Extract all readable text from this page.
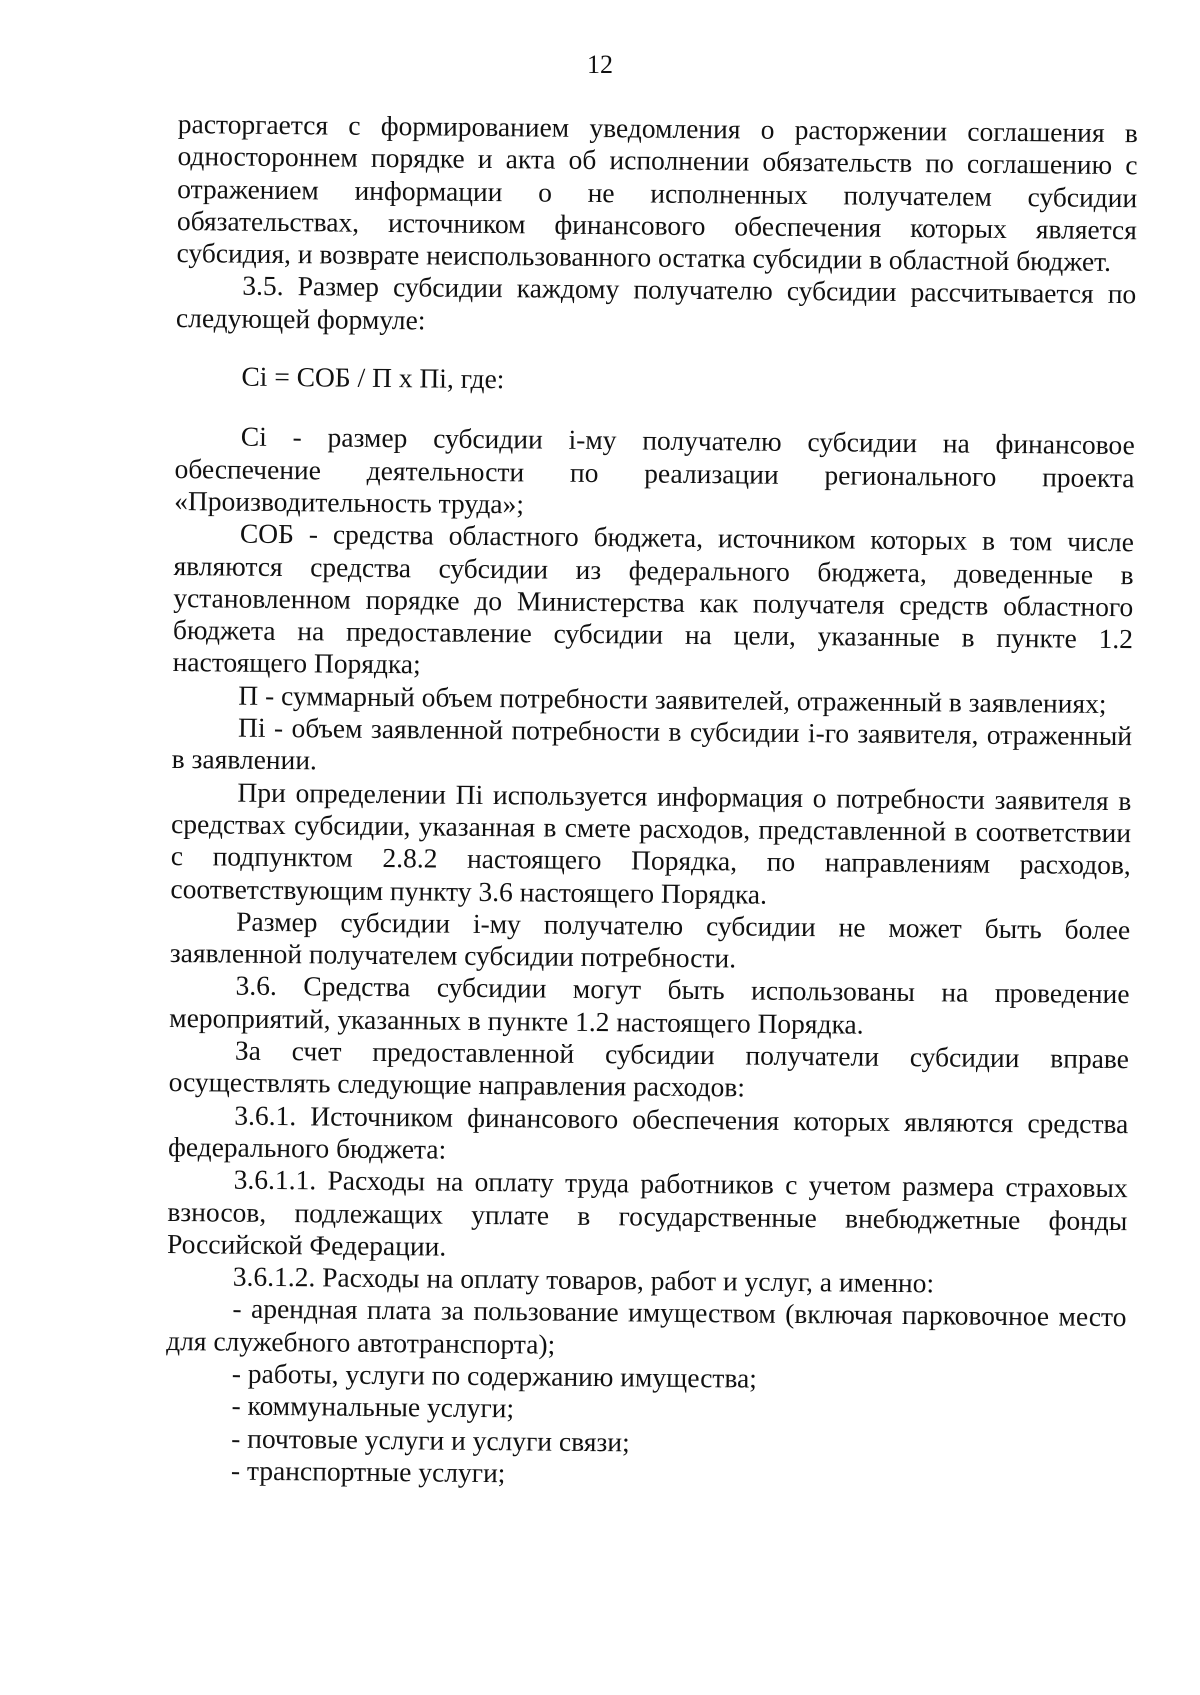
12

расторгается с формированием уведомления о расторжении соглашения в одностороннем порядке и акта об исполнении обязательств по соглашению с отражением информации о не исполненных получателем субсидии обязательствах, источником финансового обеспечения которых является субсидия, и возврате неиспользованного остатка субсидии в областной бюджет.

3.5. Размер субсидии каждому получателю субсидии рассчитывается по следующей формуле:

Ci = СОБ / П х Пi, где:

Ci - размер субсидии i-му получателю субсидии на финансовое обеспечение деятельности по реализации регионального проекта «Производительность труда»;

СОБ - средства областного бюджета, источником которых в том числе являются средства субсидии из федерального бюджета, доведенные в установленном порядке до Министерства как получателя средств областного бюджета на предоставление субсидии на цели, указанные в пункте 1.2 настоящего Порядка;

П - суммарный объем потребности заявителей, отраженный в заявлениях;

Пi - объем заявленной потребности в субсидии i-го заявителя, отраженный в заявлении.

При определении Пi используется информация о потребности заявителя в средствах субсидии, указанная в смете расходов, представленной в соответствии с подпунктом 2.8.2 настоящего Порядка, по направлениям расходов, соответствующим пункту 3.6 настоящего Порядка.

Размер субсидии i-му получателю субсидии не может быть более заявленной получателем субсидии потребности.

3.6. Средства субсидии могут быть использованы на проведение мероприятий, указанных в пункте 1.2 настоящего Порядка.

За счет предоставленной субсидии получатели субсидии вправе осуществлять следующие направления расходов:

3.6.1. Источником финансового обеспечения которых являются средства федерального бюджета:

3.6.1.1. Расходы на оплату труда работников с учетом размера страховых взносов, подлежащих уплате в государственные внебюджетные фонды Российской Федерации.

3.6.1.2. Расходы на оплату товаров, работ и услуг, а именно:

- арендная плата за пользование имуществом (включая парковочное место для служебного автотранспорта);

- работы, услуги по содержанию имущества;

- коммунальные услуги;

- почтовые услуги и услуги связи;

- транспортные услуги;
